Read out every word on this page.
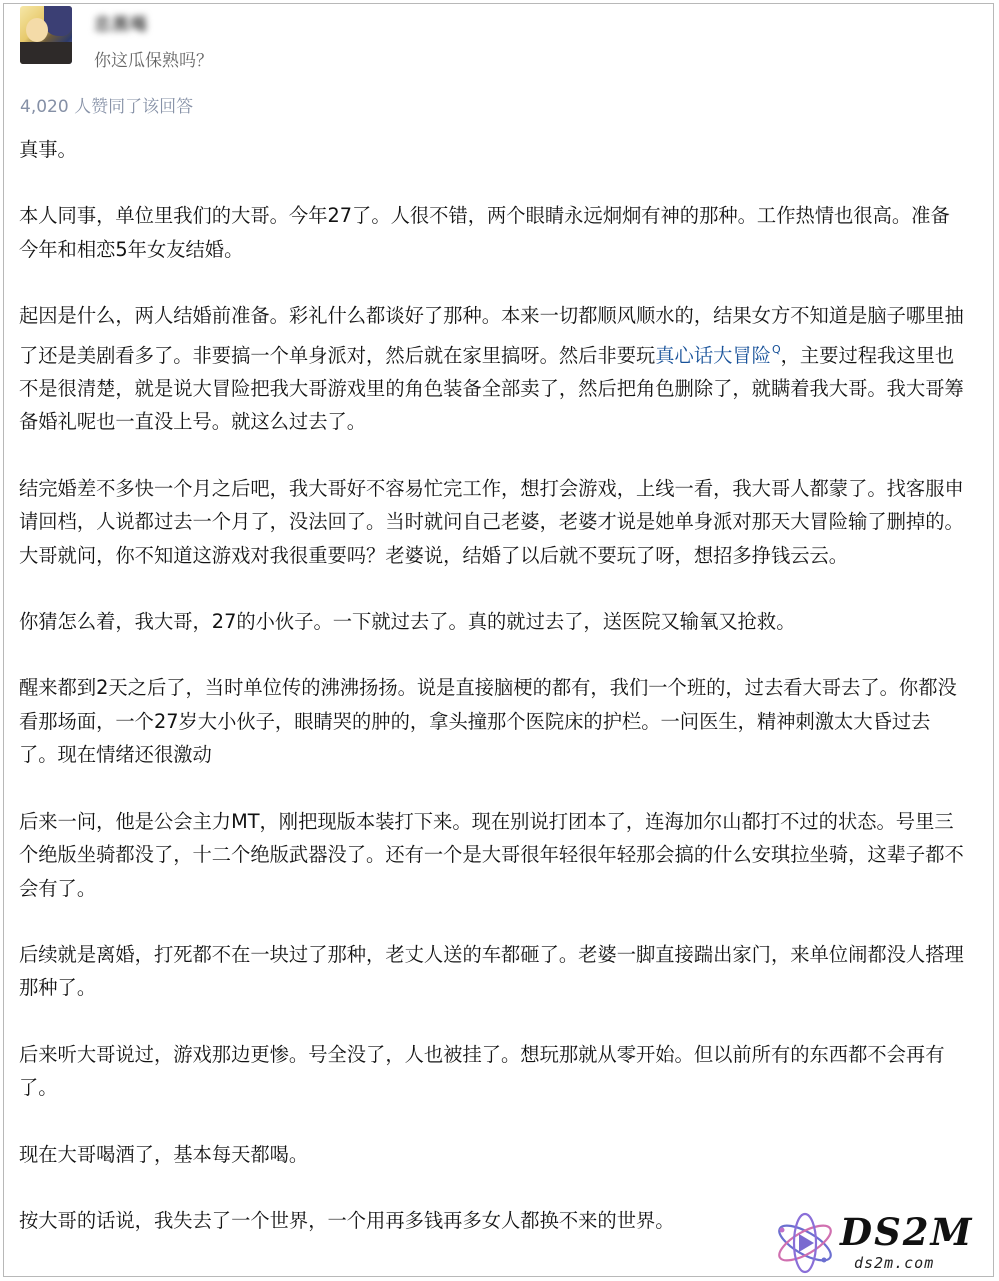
忠黑喝
你这瓜保熟吗？
4,020 人赞同了该回答

真事。

本人同事，单位里我们的大哥。今年27了。人很不错，两个眼睛永远炯炯有神的那种。工作热情也很高。准备今年和相恋5年女友结婚。

起因是什么，两人结婚前准备。彩礼什么都谈好了那种。本来一切都顺风顺水的，结果女方不知道是脑子哪里抽了还是美剧看多了。非要搞一个单身派对，然后就在家里搞呀。然后非要玩真心话大冒险$^Q$，主要过程我这里也不是很清楚，就是说大冒险把我大哥游戏里的角色装备全部卖了，然后把角色删除了，就瞒着我大哥。我大哥筹备婚礼呢也一直没上号。就这么过去了。

结完婚差不多快一个月之后吧，我大哥好不容易忙完工作，想打会游戏，上线一看，我大哥人都蒙了。找客服申请回档，人说都过去一个月了，没法回了。当时就问自己老婆，老婆才说是她单身派对那天大冒险输了删掉的。大哥就问，你不知道这游戏对我很重要吗？老婆说，结婚了以后就不要玩了呀，想招多挣钱云云。

你猜怎么着，我大哥，27的小伙子。一下就过去了。真的就过去了，送医院又输氧又抢救。

醒来都到2天之后了，当时单位传的沸沸扬扬。说是直接脑梗的都有，我们一个班的，过去看大哥去了。你都没看那场面，一个27岁大小伙子，眼睛哭的肿的，拿头撞那个医院床的护栏。一问医生，精神刺激太大昏过去了。现在情绪还很激动

后来一问，他是公会主力MT，刚把现版本装打下来。现在别说打团本了，连海加尔山都打不过的状态。号里三个绝版坐骑都没了，十二个绝版武器没了。还有一个是大哥很年轻很年轻那会搞的什么安琪拉坐骑，这辈子都不会有了。

后续就是离婚，打死都不在一块过了那种，老丈人送的车都砸了。老婆一脚直接踹出家门，来单位闹都没人搭理那种了。

后来听大哥说过，游戏那边更惨。号全没了，人也被挂了。想玩那就从零开始。但以前所有的东西都不会再有了。

现在大哥喝酒了，基本每天都喝。

按大哥的话说，我失去了一个世界，一个用再多钱再多女人都换不来的世界。	DS2M
ds2m.com
